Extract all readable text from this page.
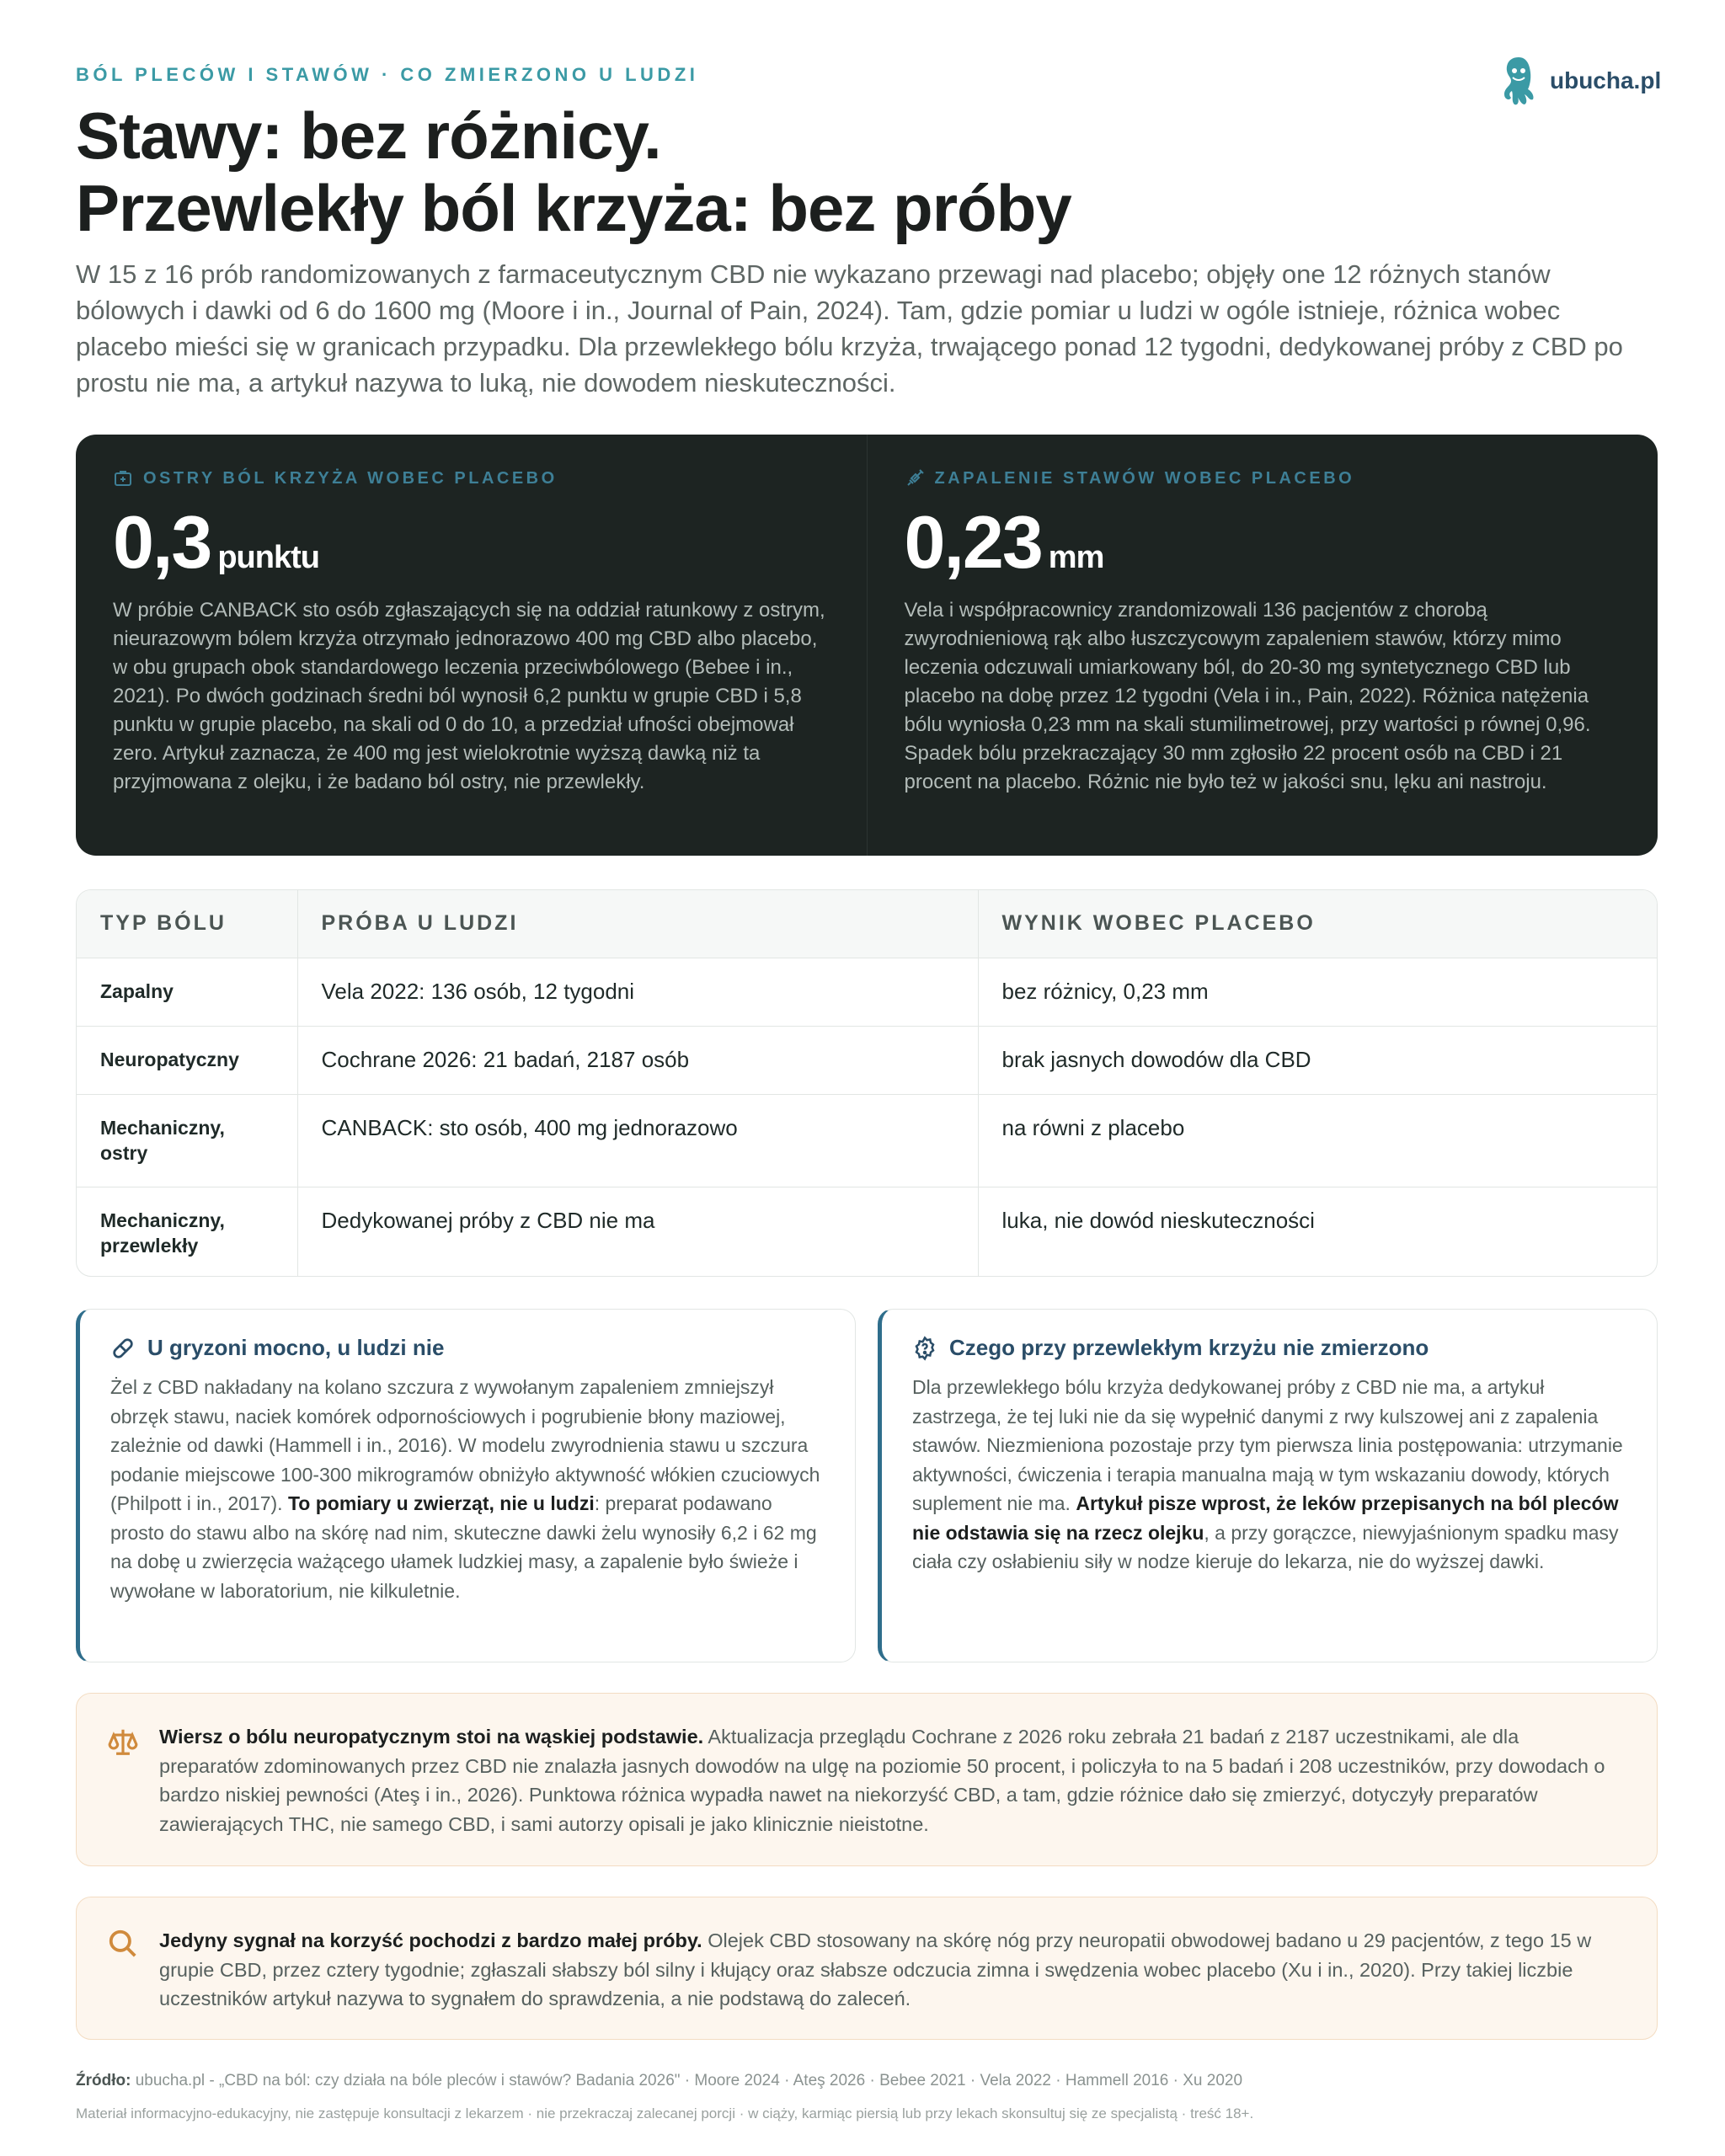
BÓL PLECÓW I STAWÓW · CO ZMIERZONO U LUDZI	ubucha.pl
Stawy: bez różnicy.
Przewlekły ból krzyża: bez próby

W 15 z 16 prób randomizowanych z farmaceutycznym CBD nie wykazano przewagi nad placebo; objęły one 12 różnych stanów bólowych i dawki od 6 do 1600 mg (Moore i in., Journal of Pain, 2024). Tam, gdzie pomiar u ludzi w ogóle istnieje, różnica wobec placebo mieści się w granicach przypadku. Dla przewlekłego bólu krzyża, trwającego ponad 12 tygodni, dedykowanej próby z CBD po prostu nie ma, a artykuł nazywa to luką, nie dowodem nieskuteczności.

OSTRY BÓL KRZYŻA WOBEC PLACEBO
0,3 punktu

W próbie CANBACK sto osób zgłaszających się na oddział ratunkowy z ostrym, nieurazowym bólem krzyża otrzymało jednorazowo 400 mg CBD albo placebo, w obu grupach obok standardowego leczenia przeciwbólowego (Bebee i in., 2021). Po dwóch godzinach średni ból wynosił 6,2 punktu w grupie CBD i 5,8 punktu w grupie placebo, na skali od 0 do 10, a przedział ufności obejmował zero. Artykuł zaznacza, że 400 mg jest wielokrotnie wyższą dawką niż ta przyjmowana z olejku, i że badano ból ostry, nie przewlekły.

ZAPALENIE STAWÓW WOBEC PLACEBO
0,23 mm

Vela i współpracownicy zrandomizowali 136 pacjentów z chorobą zwyrodnieniową rąk albo łuszczycowym zapaleniem stawów, którzy mimo leczenia odczuwali umiarkowany ból, do 20-30 mg syntetycznego CBD lub placebo na dobę przez 12 tygodni (Vela i in., Pain, 2022). Różnica natężenia bólu wyniosła 0,23 mm na skali stumilimetrowej, przy wartości p równej 0,96. Spadek bólu przekraczający 30 mm zgłosiło 22 procent osób na CBD i 21 procent na placebo. Różnic nie było też w jakości snu, lęku ani nastroju.

TYP BÓLU	PRÓBA U LUDZI	WYNIK WOBEC PLACEBO
Zapalny	Vela 2022: 136 osób, 12 tygodni	bez różnicy, 0,23 mm
Neuropatyczny	Cochrane 2026: 21 badań, 2187 osób	brak jasnych dowodów dla CBD
Mechaniczny, ostry	CANBACK: sto osób, 400 mg jednorazowo	na równi z placebo
Mechaniczny, przewlekły	Dedykowanej próby z CBD nie ma	luka, nie dowód nieskuteczności
U gryzoni mocno, u ludzi nie

Żel z CBD nakładany na kolano szczura z wywołanym zapaleniem zmniejszył obrzęk stawu, naciek komórek odpornościowych i pogrubienie błony maziowej, zależnie od dawki (Hammell i in., 2016). W modelu zwyrodnienia stawu u szczura podanie miejscowe 100-300 mikrogramów obniżyło aktywność włókien czuciowych (Philpott i in., 2017). To pomiary u zwierząt, nie u ludzi: preparat podawano prosto do stawu albo na skórę nad nim, skuteczne dawki żelu wynosiły 6,2 i 62 mg na dobę u zwierzęcia ważącego ułamek ludzkiej masy, a zapalenie było świeże i wywołane w laboratorium, nie kilkuletnie.

Czego przy przewlekłym krzyżu nie zmierzono

Dla przewlekłego bólu krzyża dedykowanej próby z CBD nie ma, a artykuł zastrzega, że tej luki nie da się wypełnić danymi z rwy kulszowej ani z zapalenia stawów. Niezmieniona pozostaje przy tym pierwsza linia postępowania: utrzymanie aktywności, ćwiczenia i terapia manualna mają w tym wskazaniu dowody, których suplement nie ma. Artykuł pisze wprost, że leków przepisanych na ból pleców nie odstawia się na rzecz olejku, a przy gorączce, niewyjaśnionym spadku masy ciała czy osłabieniu siły w nodze kieruje do lekarza, nie do wyższej dawki.

Wiersz o bólu neuropatycznym stoi na wąskiej podstawie. Aktualizacja przeglądu Cochrane z 2026 roku zebrała 21 badań z 2187 uczestnikami, ale dla preparatów zdominowanych przez CBD nie znalazła jasnych dowodów na ulgę na poziomie 50 procent, i policzyła to na 5 badań i 208 uczestników, przy dowodach o bardzo niskiej pewności (Ateş i in., 2026). Punktowa różnica wypadła nawet na niekorzyść CBD, a tam, gdzie różnice dało się zmierzyć, dotyczyły preparatów zawierających THC, nie samego CBD, i sami autorzy opisali je jako klinicznie nieistotne.

Jedyny sygnał na korzyść pochodzi z bardzo małej próby. Olejek CBD stosowany na skórę nóg przy neuropatii obwodowej badano u 29 pacjentów, z tego 15 w grupie CBD, przez cztery tygodnie; zgłaszali słabszy ból silny i kłujący oraz słabsze odczucia zimna i swędzenia wobec placebo (Xu i in., 2020). Przy takiej liczbie uczestników artykuł nazywa to sygnałem do sprawdzenia, a nie podstawą do zaleceń.

Źródło: ubucha.pl - „CBD na ból: czy działa na bóle pleców i stawów? Badania 2026" · Moore 2024 · Ateş 2026 · Bebee 2021 · Vela 2022 · Hammell 2016 · Xu 2020
Materiał informacyjno-edukacyjny, nie zastępuje konsultacji z lekarzem · nie przekraczaj zalecanej porcji · w ciąży, karmiąc piersią lub przy lekach skonsultuj się ze specjalistą · treść 18+.
